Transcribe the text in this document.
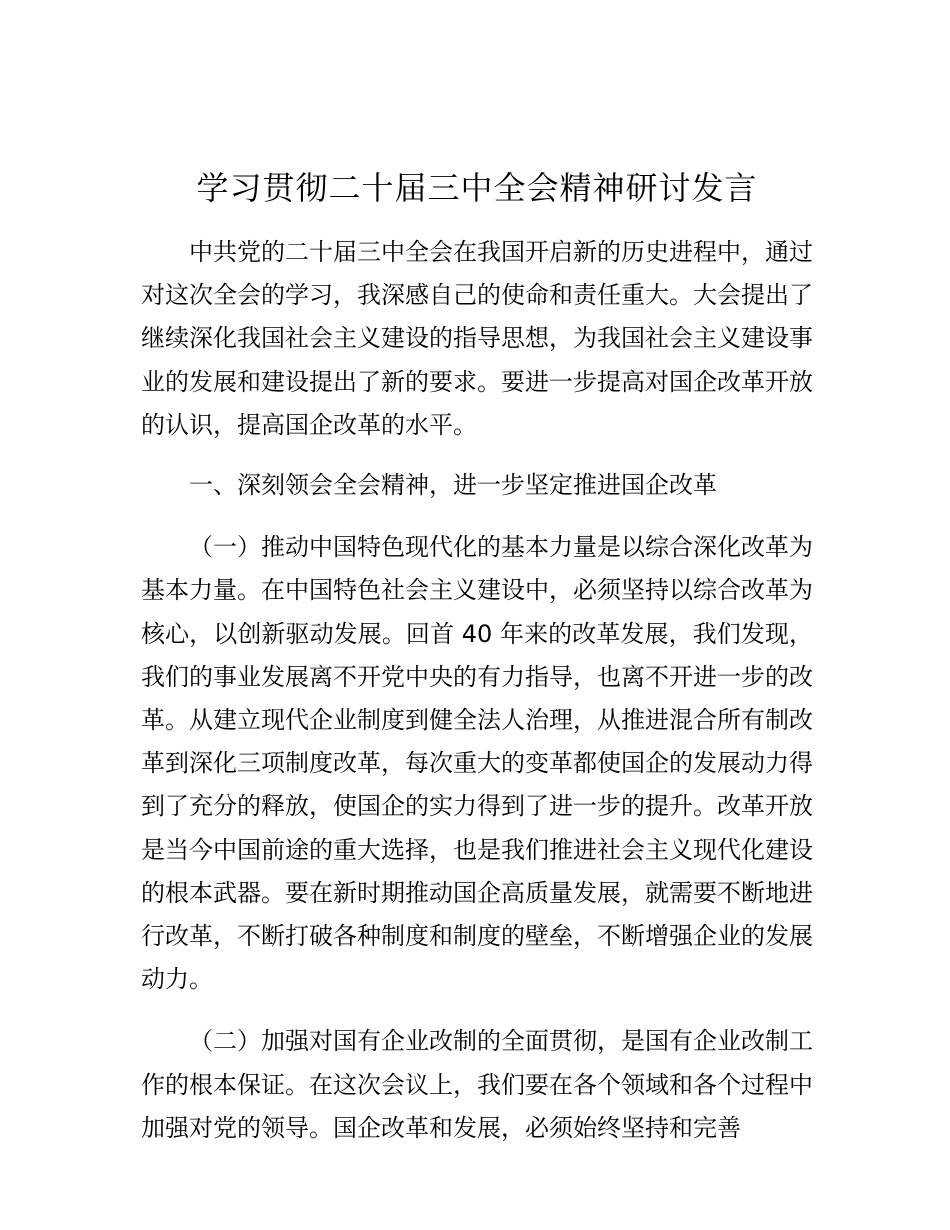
学习贯彻二十届三中全会精神研讨发言

中共党的二十届三中全会在我国开启新的历史进程中，通过对这次全会的学习，我深感自己的使命和责任重大。大会提出了继续深化我国社会主义建设的指导思想，为我国社会主义建设事业的发展和建设提出了新的要求。要进一步提高对国企改革开放的认识，提高国企改革的水平。

一、深刻领会全会精神，进一步坚定推进国企改革

（一）推动中国特色现代化的基本力量是以综合深化改革为基本力量。在中国特色社会主义建设中，必须坚持以综合改革为核心，以创新驱动发展。回首 40 年来的改革发展，我们发现，我们的事业发展离不开党中央的有力指导，也离不开进一步的改革。从建立现代企业制度到健全法人治理，从推进混合所有制改革到深化三项制度改革，每次重大的变革都使国企的发展动力得到了充分的释放，使国企的实力得到了进一步的提升。改革开放是当今中国前途的重大选择，也是我们推进社会主义现代化建设的根本武器。要在新时期推动国企高质量发展，就需要不断地进行改革，不断打破各种制度和制度的壁垒，不断增强企业的发展动力。

（二）加强对国有企业改制的全面贯彻，是国有企业改制工作的根本保证。在这次会议上，我们要在各个领域和各个过程中加强对党的领导。国企改革和发展，必须始终坚持和完善
